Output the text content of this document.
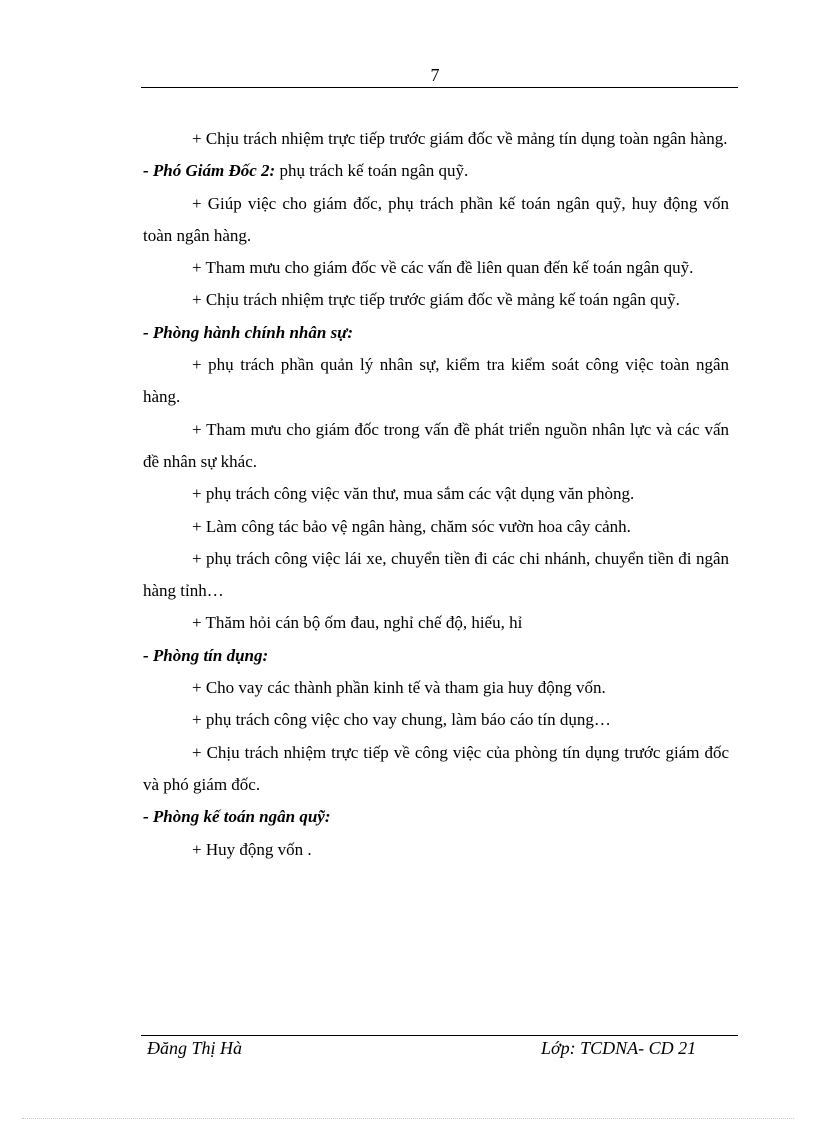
7
+ Chịu trách nhiệm trực tiếp trước giám đốc về mảng tín dụng toàn ngân hàng.
- Phó Giám Đốc 2: phụ trách kế toán ngân quỹ.
+ Giúp việc cho giám đốc, phụ trách phần kế toán ngân quỹ, huy động vốn toàn ngân hàng.
+ Tham mưu cho giám đốc về các vấn đề liên quan đến kế toán ngân quỹ.
+ Chịu trách nhiệm trực tiếp trước giám đốc về mảng kế toán ngân quỹ.
- Phòng hành chính nhân sự:
+ phụ trách phần quản lý nhân sự, kiểm tra kiểm soát công việc toàn ngân hàng.
+ Tham mưu cho giám đốc trong vấn đề phát triển nguồn nhân lực và các vấn đề nhân sự khác.
+ phụ trách công việc văn thư, mua sắm các vật dụng văn phòng.
+ Làm công tác bảo vệ ngân hàng, chăm sóc vườn hoa cây cảnh.
+ phụ trách công việc lái xe, chuyển tiền đi các chi nhánh, chuyển tiền đi ngân hàng tỉnh…
+ Thăm hỏi cán bộ ốm đau, nghỉ chế độ, hiếu, hỉ
- Phòng tín dụng:
+ Cho vay các thành phần kinh tế và tham gia huy động vốn.
+ phụ trách công việc cho vay chung, làm báo cáo tín dụng…
+ Chịu trách nhiệm trực tiếp về công việc của phòng tín dụng trước giám đốc và phó giám đốc.
- Phòng kế toán ngân quỹ:
+ Huy động vốn .
Đăng Thị Hà	Lớp: TCDNA- CD 21
